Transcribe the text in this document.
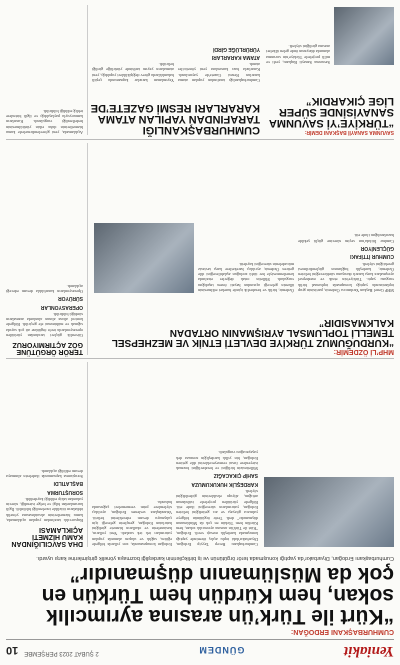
Yeniakit
GÜNDEM
2 ŞUBAT 2023 PERŞEMBE
10
CUMHURBAŞKANI ERDOĞAN:
“Kürt ile Türk’ün arasına ayrımcılık sokan, hem Kürdün hem Türkün en çok da Müslümanın düşmanıdır”
Cumhurbaşkanı Erdoğan, Diyarbakır'da yaptığı konuşmada terör örgütünün ve iş birlikçilerinin kardeşliği bozmaya yönelik girişimlerine karşı uyardı.
Cumhurbaşkanı Recep Tayyip Erdoğan, Diyarbakır'daki toplu açılış töreninde yaptığı konuşmada kardeşlik mesajı verdi. Erdoğan, "Kürt ile Türk'ün arasına ayrımcılık sokan, hem Kürdün hem Türkün en çok da Müslümanın düşmanıdır" dedi. Terör örgütünün bölgeye yalnızca gözyaşı ve acı getirdiğini belirten Erdoğan, yatırımların süreceğini ifade etti. Bölgede yürütülen projelerle istihdamın arttığını, altyapı eksiklerinin giderildiğini söyledi.
KARDEŞLİK HUKUKUMUZA
SAHİP ÇIKACAĞIZ
Milletimizin birliğini ve beraberliğini bozmak isteyenlere fırsat vermeyeceklerini dile getiren Erdoğan, bin yıllık kardeşliğin sonsuza dek yaşayacağını vurguladı.
Erdoğan konuşmasında, son yıllarda bölgede eğitim, sağlık ve ulaşım alanında yapılan yatırımları tek tek sıraladı. Yeni yolların, hastanelerin ve okulların hizmete girdiğini hatırlatan Erdoğan, gençlerin geleceği için çalışmaya devam edeceklerini belirtti. Vatandaşlara seslenen Erdoğan, ayrılıkçı söylemlere prim vermemeleri çağrısında bulundu.
DHA SAVCILIĞINDAN KAMU HİZMETİ AÇIKLAMASI
Başsavcılık tarafından yapılan açıklamada, kamu hizmetlerinin aksatılmasına yönelik iddiaların titizlikle incelendiği bildirildi. İlgili kurumlardan bilgi ve belge istendiği, sürecin yakından takip edildiği kaydedildi.
SORUŞTURMA
BAŞLATILDI
Soruşturma kapsamında ifadelerin alınmaya devam edildiği açıklandı.
MHP’Lİ ÖZDEMİR:
“KURDUĞUMUZ TÜRKİYE DEVLETİ ETNİK VE MEZHEPSEL TEMELLİ TOPLUMSAL AYRIŞMANIN ORTADAN KALKMASIDIR”
MHP Genel Başkan Yardımcısı Özdemir, partisinin grup toplantısında yaptığı konuşmada toplumsal birlik vurgusu yaptı. Türkiye'nin etnik ve mezhepsel ayrışmalara karşı kararlı duruşunu sürdüreceğini belirten Özdemir, kardeşlik bağlarının güçlendirilmesi gerektiğini söyledi.
CUMHUR İTTİFAKI
GÜÇLENİYOR
Cumhur İttifakı'nın seçim sürecine güçlü şekilde hazırlandığını ifade etti.
Özdemir, birlik ve beraberlik içinde hareket edilmesinin ülkenin geleceği açısından hayati önem taşıdığını vurguladı. Milletin ortak değerler etrafında kenetlenmesiyle her türlü zorluğun aşılabileceğini dile getiren Özdemir, ayrılıkçı hareketlere karşı tavizsiz mücadelenin süreceğini kaydetti.
TERÖR ÖRGÜTÜNE GÖZ AÇTIRMIYORUZ
Güvenlik güçleri tarafından yürütülen operasyonlarda terör örgütüne ait çok sayıda sığınak ve mühimmat ele geçirildi. Bölgede kontrol altına alınan alanlarda aramaların sürdüğü bildirildi.
OPERASYONLAR
SÜRÜYOR
Operasyonların kararlılıkla devam edeceği açıklandı.
CUMHURBAŞKANLIĞI TARAFINDAN YAPILAN ATAMA KARARLARI RESMİ GAZETE’DE
Cumhurbaşkanlığı tarafından yapılan atama kararları Resmi Gazete'de yayımlandı. Kararlarla bazı kurumlara yeni yöneticiler atandı.
ATAMA KARARLARI
YÜRÜRLÜĞE GİRDİ
Yayımlanan kararlar kapsamında çeşitli bakanlıklarda görev değişiklikleri yapıldığı, yeni atamaların yayım tarihinde yürürlüğe girdiği belirtildi.
SAVUNMA SANAYİİ BAŞKANI DEMİR:
“TÜRKİYE’Yİ SAVUNMA SANAYİSİNDE SÜPER LİGE ÇIKARDIK”
Savunma Sanayii Başkanı, yerli ve milli projelerle Türkiye'nin savunma alanında dünyanın önde gelen ülkeleri arasına girdiğini söyledi.
Açıklamada, yeni görevlendirmelerle kamu hizmetlerinin daha etkin yürütülmesinin hedeflendiği vurgulandı. Kararların kamuoyuyla paylaşıldığı ve ilgili birimlere tebliğ edildiği bildirildi.
